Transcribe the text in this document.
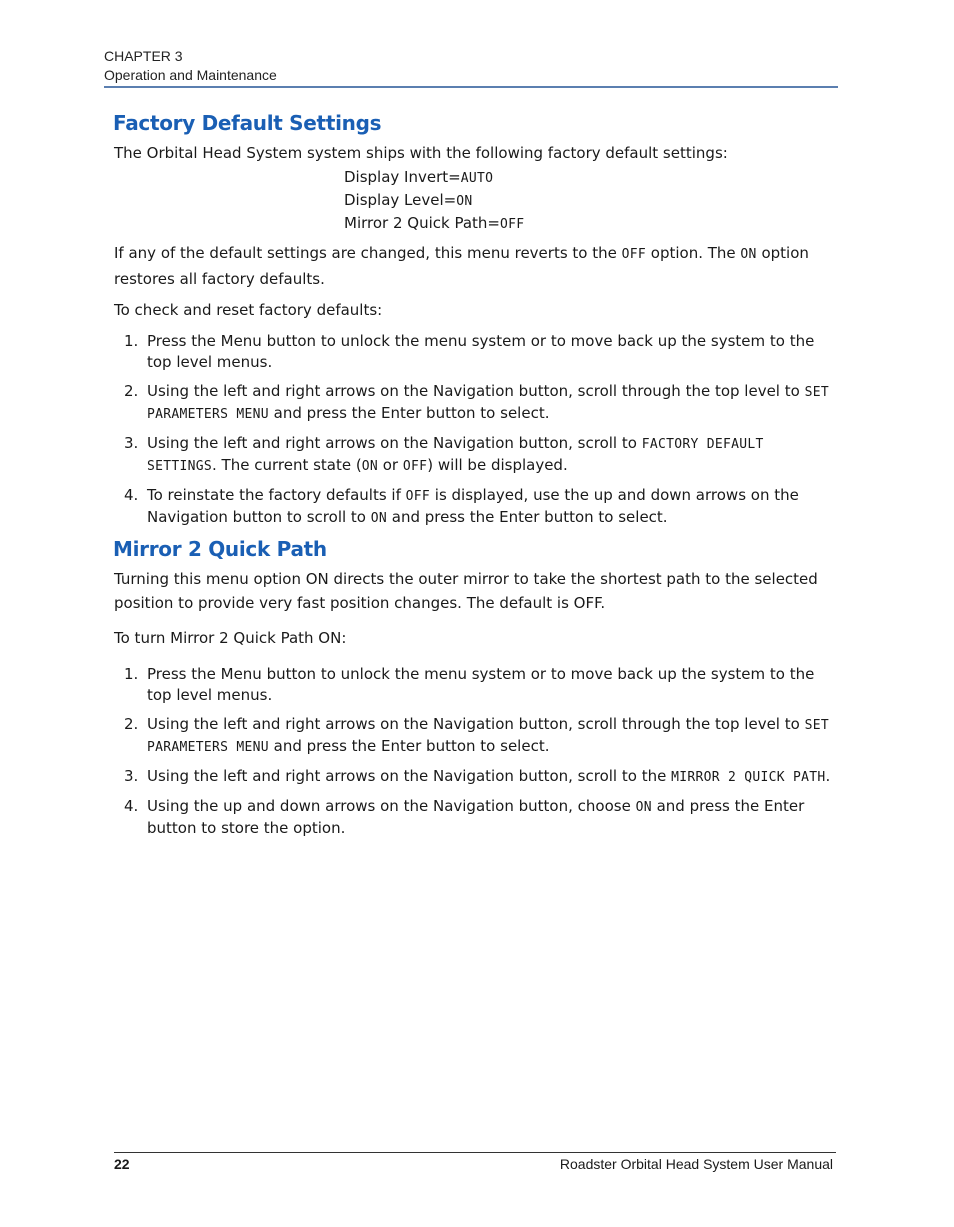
CHAPTER 3
Operation and Maintenance
Factory Default Settings

The Orbital Head System system ships with the following factory default settings:

Display Invert=AUTO

Display Level=ON

Mirror 2 Quick Path=OFF

If any of the default settings are changed, this menu reverts to the OFF option. The ON option restores all factory defaults.

To check and reset factory defaults:

1. Press the Menu button to unlock the menu system or to move back up the system to the top level menus.
2. Using the left and right arrows on the Navigation button, scroll through the top level to SET PARAMETERS MENU and press the Enter button to select.
3. Using the left and right arrows on the Navigation button, scroll to FACTORY DEFAULT SETTINGS. The current state (ON or OFF) will be displayed.
4. To reinstate the factory defaults if OFF is displayed, use the up and down arrows on the Navigation button to scroll to ON and press the Enter button to select.
Mirror 2 Quick Path

Turning this menu option ON directs the outer mirror to take the shortest path to the selected position to provide very fast position changes. The default is OFF.

To turn Mirror 2 Quick Path ON:

1. Press the Menu button to unlock the menu system or to move back up the system to the top level menus.
2. Using the left and right arrows on the Navigation button, scroll through the top level to SET PARAMETERS MENU and press the Enter button to select.
3. Using the left and right arrows on the Navigation button, scroll to the MIRROR 2 QUICK PATH.
4. Using the up and down arrows on the Navigation button, choose ON and press the Enter button to store the option.
22	Roadster Orbital Head System User Manual
